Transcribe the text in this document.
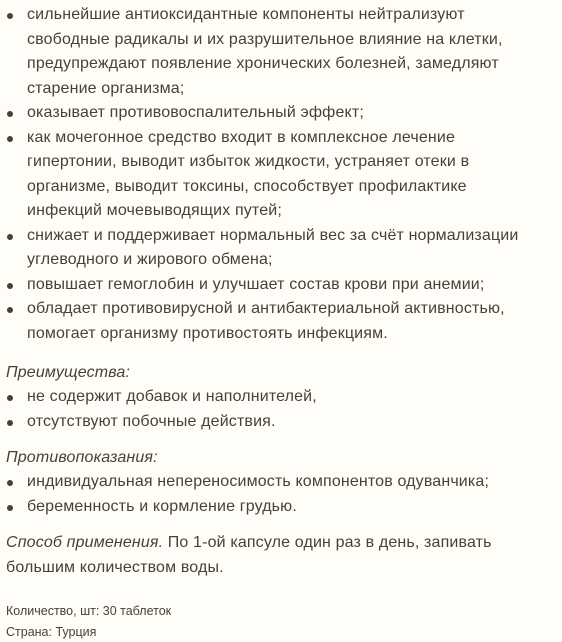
сильнейшие антиоксидантные компоненты нейтрализуют
свободные радикалы и их разрушительное влияние на клетки,
предупреждают появление хронических болезней, замедляют
старение организма;
оказывает противовоспалительный эффект;
как мочегонное средство входит в комплексное лечение
гипертонии, выводит избыток жидкости, устраняет отеки в
организме, выводит токсины, способствует профилактике
инфекций мочевыводящих путей;
снижает и поддерживает нормальный вес за счёт нормализации
углеводного и жирового обмена;
повышает гемоглобин и улучшает состав крови при анемии;
обладает противовирусной и антибактериальной активностью,
помогает организму противостоять инфекциям.
Преимущества:
не содержит добавок и наполнителей,
отсутствуют побочные действия.
Противопоказания:
индивидуальная непереносимость компонентов одуванчика;
беременность и кормление грудью.
Способ применения. По 1-ой капсуле один раз в день, запивать
большим количеством воды.
Количество, шт: 30 таблеток
Страна: Турция
